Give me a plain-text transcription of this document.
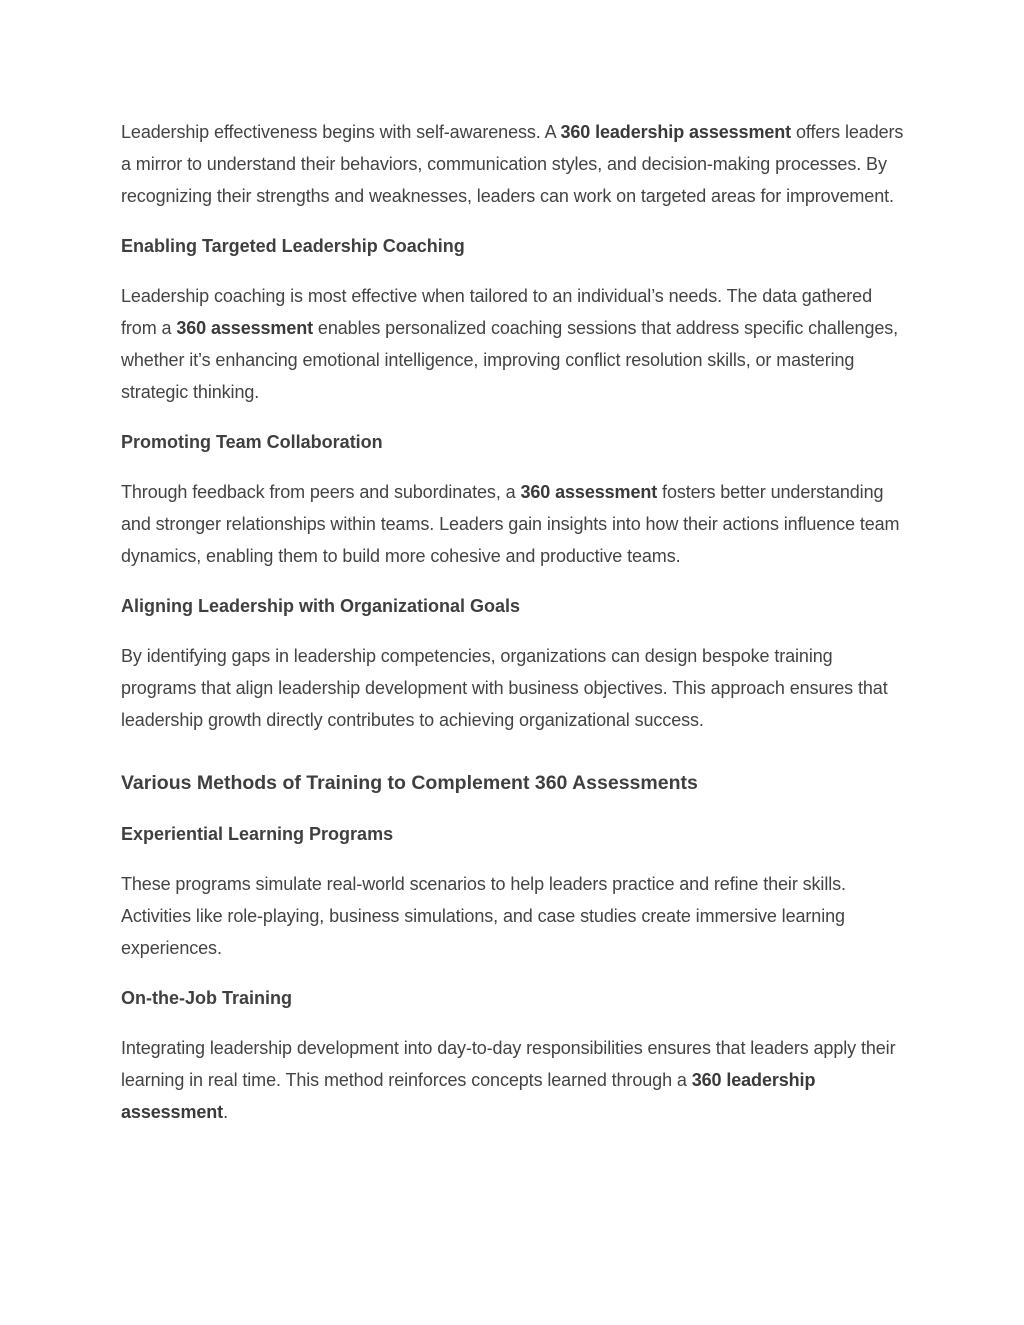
Leadership effectiveness begins with self-awareness. A 360 leadership assessment offers leaders a mirror to understand their behaviors, communication styles, and decision-making processes. By recognizing their strengths and weaknesses, leaders can work on targeted areas for improvement.

Enabling Targeted Leadership Coaching

Leadership coaching is most effective when tailored to an individual’s needs. The data gathered from a 360 assessment enables personalized coaching sessions that address specific challenges, whether it’s enhancing emotional intelligence, improving conflict resolution skills, or mastering strategic thinking.

Promoting Team Collaboration

Through feedback from peers and subordinates, a 360 assessment fosters better understanding and stronger relationships within teams. Leaders gain insights into how their actions influence team dynamics, enabling them to build more cohesive and productive teams.

Aligning Leadership with Organizational Goals

By identifying gaps in leadership competencies, organizations can design bespoke training programs that align leadership development with business objectives. This approach ensures that leadership growth directly contributes to achieving organizational success.

Various Methods of Training to Complement 360 Assessments
Experiential Learning Programs

These programs simulate real-world scenarios to help leaders practice and refine their skills. Activities like role-playing, business simulations, and case studies create immersive learning experiences.

On-the-Job Training

Integrating leadership development into day-to-day responsibilities ensures that leaders apply their learning in real time. This method reinforces concepts learned through a 360 leadership assessment.
